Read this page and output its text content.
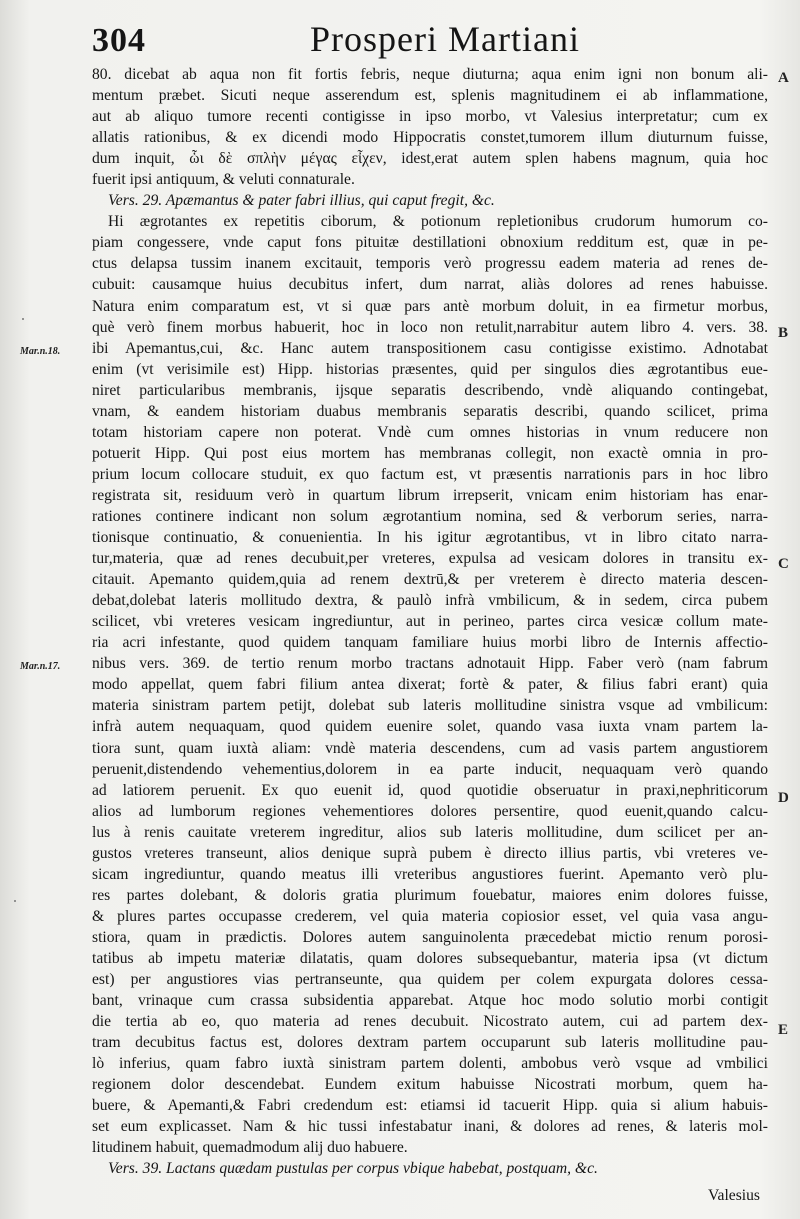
304	Prosperi Martiani
80. dicebat ab aqua non fit fortis febris, neque diuturna; aqua enim igni non bonum ali-
mentum præbet. Sicuti neque asserendum est, splenis magnitudinem ei ab inflammatione,
aut ab aliquo tumore recenti contigisse in ipso morbo, vt Valesius interpretatur; cum ex
allatis rationibus, & ex dicendi modo Hippocratis constet,tumorem illum diuturnum fuisse,
dum inquit, ὧι δὲ σπλὴν μέγας εἶχεν, idest,erat autem splen habens magnum, quia hoc
fuerit ipsi antiquum, & veluti connaturale.
Vers. 29. Apæmantus & pater fabri illius, qui caput fregit, &c.
Hi ægrotantes ex repetitis ciborum, & potionum repletionibus crudorum humorum co-
piam congessere, vnde caput fons pituitæ destillationi obnoxium redditum est, quæ in pe-
ctus delapsa tussim inanem excitauit, temporis verò progressu eadem materia ad renes de-
cubuit: causamque huius decubitus infert, dum narrat, aliàs dolores ad renes habuisse.
Natura enim comparatum est, vt si quæ pars antè morbum doluit, in ea firmetur morbus,
què verò finem morbus habuerit, hoc in loco non retulit,narrabitur autem libro 4. vers. 38.
ibi Apemantus,cui, &c. Hanc autem transpositionem casu contigisse existimo. Adnotabat
enim (vt verisimile est) Hipp. historias præsentes, quid per singulos dies ægrotantibus eue-
niret particularibus membranis, ijsque separatis describendo, vndè aliquando contingebat,
vnam, & eandem historiam duabus membranis separatis describi, quando scilicet, prima
totam historiam capere non poterat. Vndè cum omnes historias in vnum reducere non
potuerit Hipp. Qui post eius mortem has membranas collegit, non exactè omnia in pro-
prium locum collocare studuit, ex quo factum est, vt præsentis narrationis pars in hoc libro
registrata sit, residuum verò in quartum librum irrepserit, vnicam enim historiam has enar-
rationes continere indicant non solum ægrotantium nomina, sed & verborum series, narra-
tionisque continuatio, & conuenientia. In his igitur ægrotantibus, vt in libro citato narra-
tur,materia, quæ ad renes decubuit,per vreteres, expulsa ad vesicam dolores in transitu ex-
citauit. Apemanto quidem,quia ad renem dextrū,& per vreterem è directo materia descen-
debat,dolebat lateris mollitudo dextra, & paulò infrà vmbilicum, & in sedem, circa pubem
scilicet, vbi vreteres vesicam ingrediuntur, aut in perineo, partes circa vesicæ collum mate-
ria acri infestante, quod quidem tanquam familiare huius morbi libro de Internis affectio-
nibus vers. 369. de tertio renum morbo tractans adnotauit Hipp. Faber verò (nam fabrum
modo appellat, quem fabri filium antea dixerat; fortè & pater, & filius fabri erant) quia
materia sinistram partem petijt, dolebat sub lateris mollitudine sinistra vsque ad vmbilicum:
infrà autem nequaquam, quod quidem euenire solet, quando vasa iuxta vnam partem la-
tiora sunt, quam iuxtà aliam: vndè materia descendens, cum ad vasis partem angustiorem
peruenit,distendendo vehementius,dolorem in ea parte inducit, nequaquam verò quando
ad latiorem peruenit. Ex quo euenit id, quod quotidie obseruatur in praxi,nephriticorum
alios ad lumborum regiones vehementiores dolores persentire, quod euenit,quando calcu-
lus à renis cauitate vreterem ingreditur, alios sub lateris mollitudine, dum scilicet per an-
gustos vreteres transeunt, alios denique suprà pubem è directo illius partis, vbi vreteres ve-
sicam ingrediuntur, quando meatus illi vreteribus angustiores fuerint. Apemanto verò plu-
res partes dolebant, & doloris gratia plurimum fouebatur, maiores enim dolores fuisse,
& plures partes occupasse crederem, vel quia materia copiosior esset, vel quia vasa angu-
stiora, quam in prædictis. Dolores autem sanguinolenta præcedebat mictio renum porosi-
tatibus ab impetu materiæ dilatatis, quam dolores subsequebantur, materia ipsa (vt dictum
est) per angustiores vias pertranseunte, qua quidem per colem expurgata dolores cessa-
bant, vrinaque cum crassa subsidentia apparebat. Atque hoc modo solutio morbi contigit
die tertia ab eo, quo materia ad renes decubuit. Nicostrato autem, cui ad partem dex-
tram decubitus factus est, dolores dextram partem occuparunt sub lateris mollitudine pau-
lò inferius, quam fabro iuxtà sinistram partem dolenti, ambobus verò vsque ad vmbilici
regionem dolor descendebat. Eundem exitum habuisse Nicostrati morbum, quem ha-
buere, & Apemanti,& Fabri credendum est: etiamsi id tacuerit Hipp. quia si alium habuis-
set eum explicasset. Nam & hic tussi infestabatur inani, & dolores ad renes, & lateris mol-
litudinem habuit, quemadmodum alij duo habuere.
Vers. 39. Lactans quædam pustulas per corpus vbique habebat, postquam, &c.
Mar.n.18.
Mar.n.17.
A
B
C
D
E
Valesius
